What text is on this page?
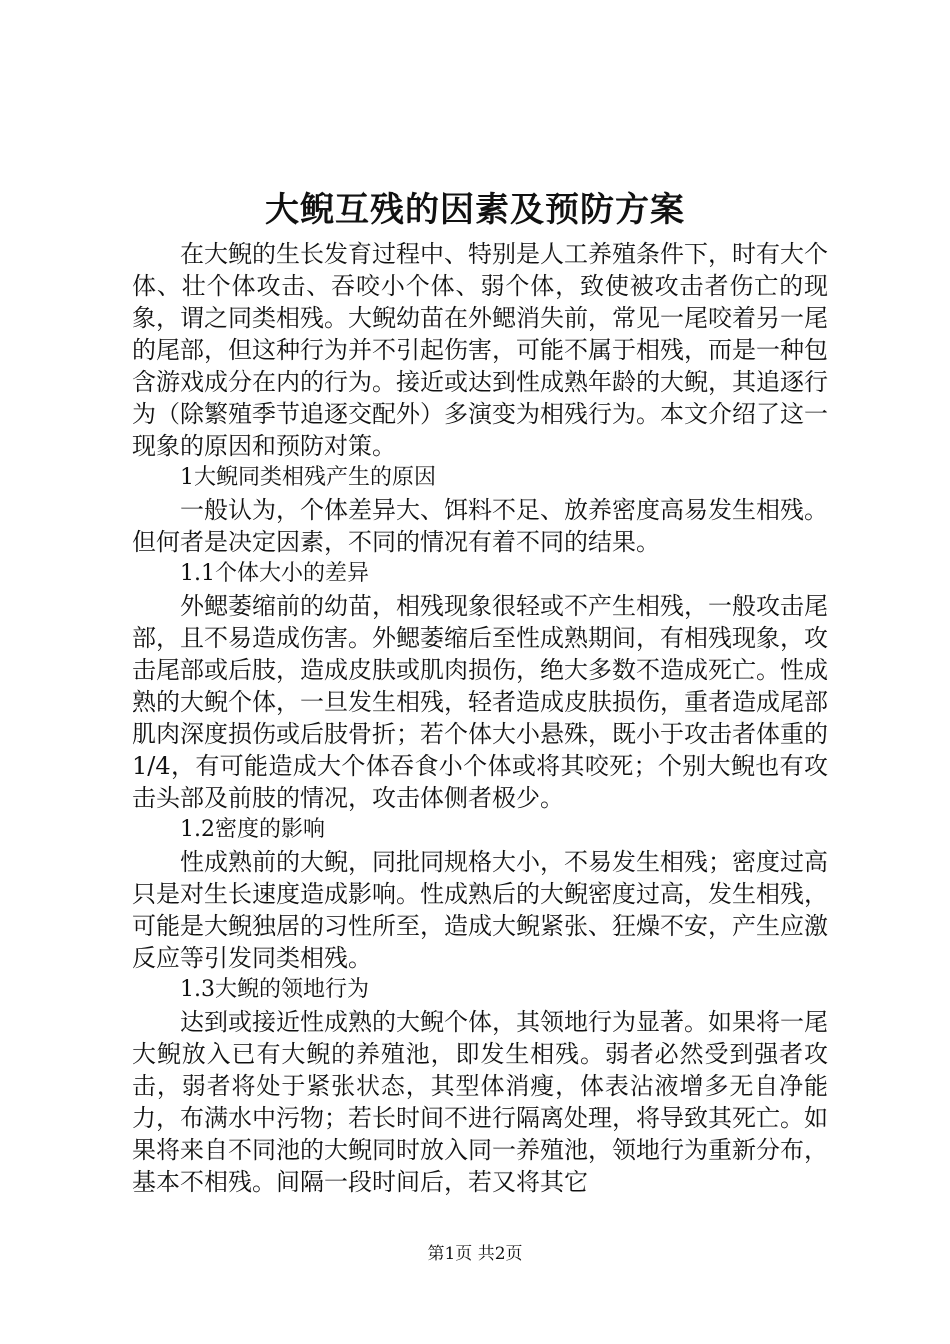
大鲵互残的因素及预防方案

在大鲵的生长发育过程中、特别是人工养殖条件下，时有大个体、壮个体攻击、吞咬小个体、弱个体，致使被攻击者伤亡的现象，谓之同类相残。大鲵幼苗在外鳃消失前，常见一尾咬着另一尾的尾部，但这种行为并不引起伤害，可能不属于相残，而是一种包含游戏成分在内的行为。接近或达到性成熟年龄的大鲵，其追逐行为（除繁殖季节追逐交配外）多演变为相残行为。本文介绍了这一现象的原因和预防对策。

1大鲵同类相残产生的原因

一般认为，个体差异大、饵料不足、放养密度高易发生相残。但何者是决定因素，不同的情况有着不同的结果。

1.1个体大小的差异

外鳃萎缩前的幼苗，相残现象很轻或不产生相残，一般攻击尾部，且不易造成伤害。外鳃萎缩后至性成熟期间，有相残现象，攻击尾部或后肢，造成皮肤或肌肉损伤，绝大多数不造成死亡。性成熟的大鲵个体，一旦发生相残，轻者造成皮肤损伤，重者造成尾部肌肉深度损伤或后肢骨折；若个体大小悬殊，既小于攻击者体重的1/4，有可能造成大个体吞食小个体或将其咬死；个别大鲵也有攻击头部及前肢的情况，攻击体侧者极少。

1.2密度的影响

性成熟前的大鲵，同批同规格大小，不易发生相残；密度过高只是对生长速度造成影响。性成熟后的大鲵密度过高，发生相残，可能是大鲵独居的习性所至，造成大鲵紧张、狂燥不安，产生应激反应等引发同类相残。

1.3大鲵的领地行为

达到或接近性成熟的大鲵个体，其领地行为显著。如果将一尾大鲵放入已有大鲵的养殖池，即发生相残。弱者必然受到强者攻击，弱者将处于紧张状态，其型体消瘦，体表沾液增多无自净能力，布满水中污物；若长时间不进行隔离处理，将导致其死亡。如果将来自不同池的大鲵同时放入同一养殖池，领地行为重新分布，基本不相残。间隔一段时间后，若又将其它

第1页 共2页
